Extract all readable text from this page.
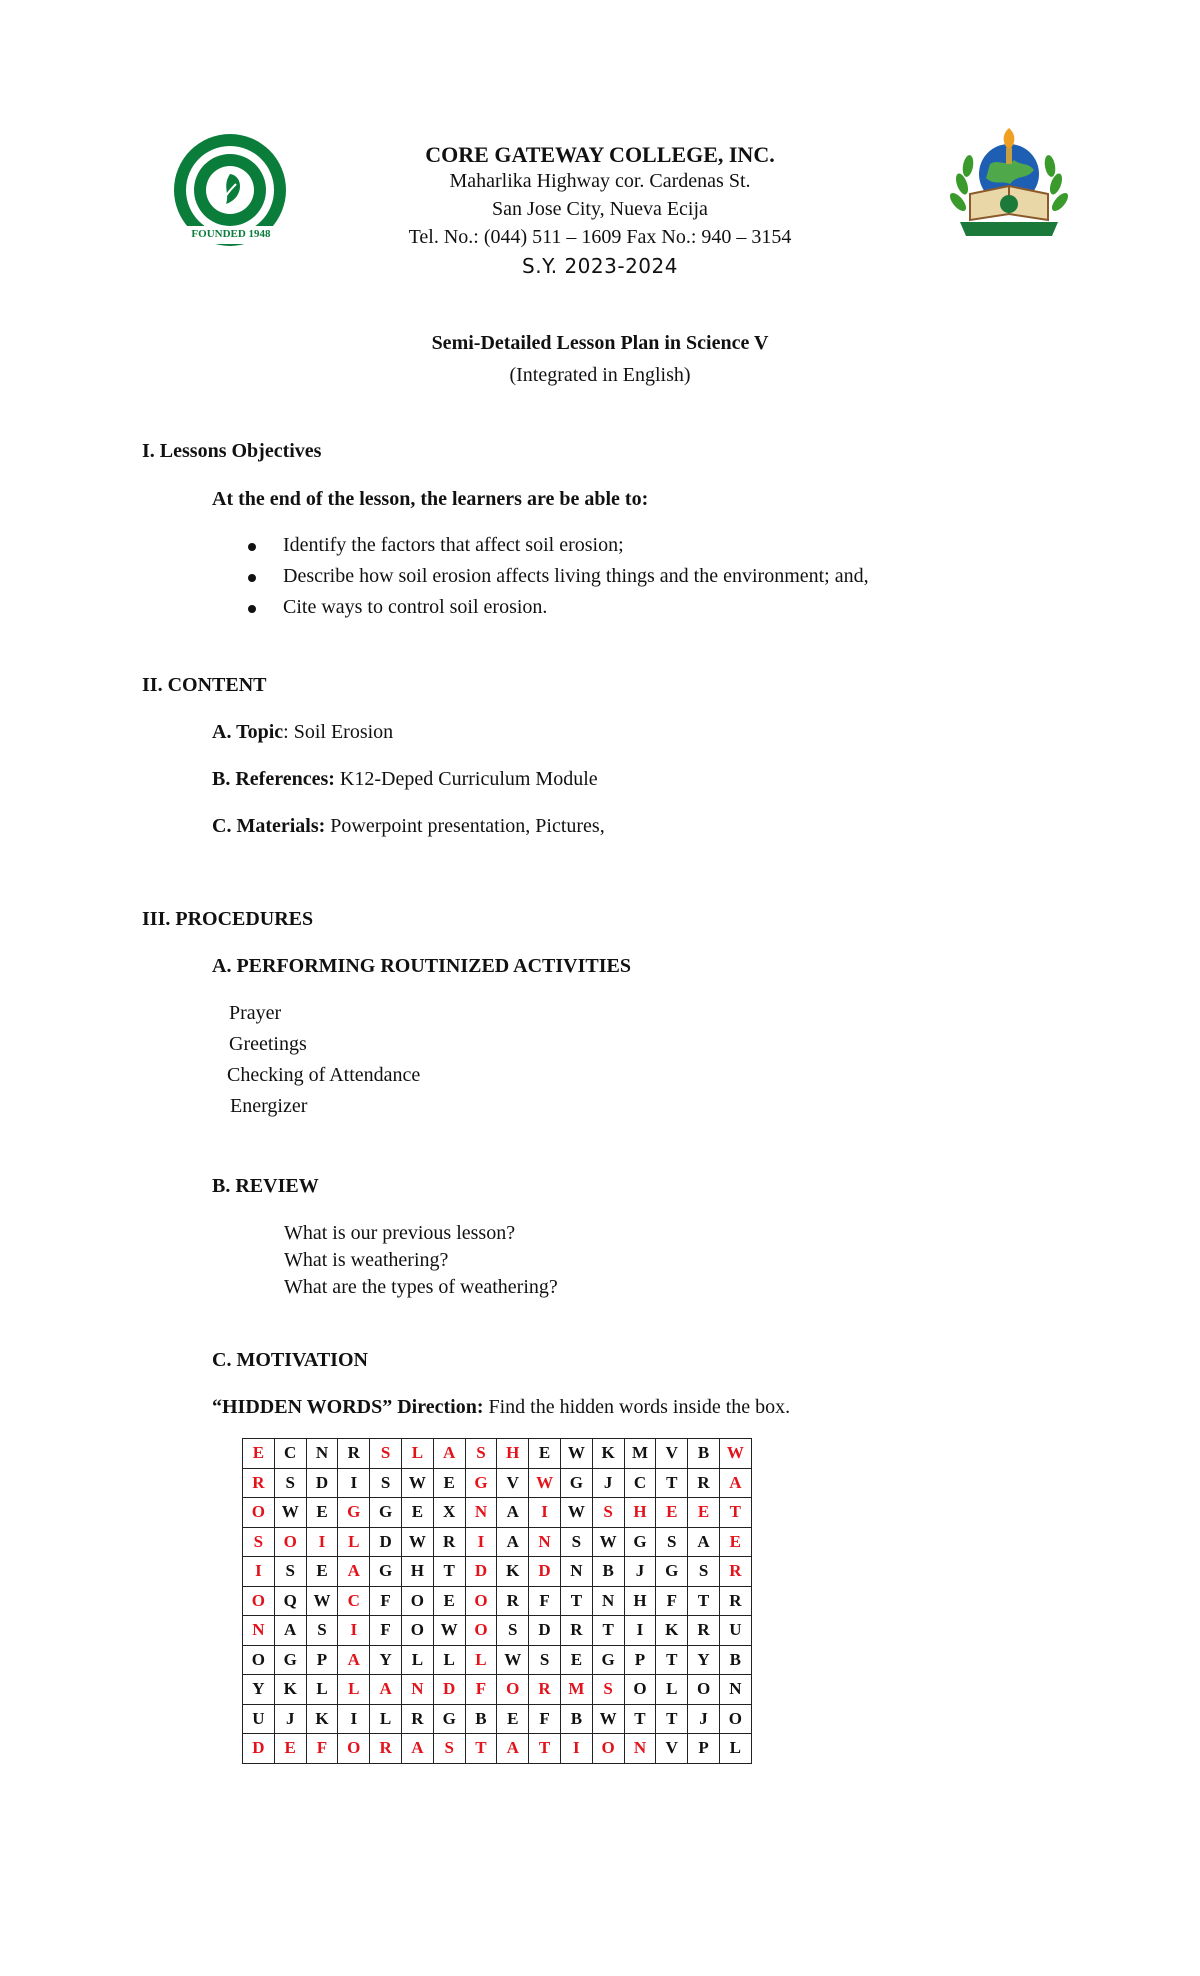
FOUNDED 1948
CORE GATEWAY COLLEGE, INC.
Maharlika Highway cor. Cardenas St.
San Jose City, Nueva Ecija
Tel. No.: (044) 511 – 1609 Fax No.: 940 – 3154
S.Y. 2023-2024
Semi-Detailed Lesson Plan in Science V
(Integrated in English)
I. Lessons Objectives
At the end of the lesson, the learners are be able to:
Identify the factors that affect soil erosion;
Describe how soil erosion affects living things and the environment; and,
Cite ways to control soil erosion.
II. CONTENT
A. Topic: Soil Erosion
B. References: K12-Deped Curriculum Module
C. Materials: Powerpoint presentation, Pictures,
III. PROCEDURES
A. PERFORMING ROUTINIZED ACTIVITIES
Prayer
Greetings
Checking of Attendance
Energizer
B. REVIEW
What is our previous lesson?
What is weathering?
What are the types of weathering?
C. MOTIVATION
“HIDDEN WORDS” Direction: Find the hidden words inside the box.
E	C	N	R	S	L	A	S	H	E	W	K	M	V	B	W
R	S	D	I	S	W	E	G	V	W	G	J	C	T	R	A
O	W	E	G	G	E	X	N	A	I	W	S	H	E	E	T
S	O	I	L	D	W	R	I	A	N	S	W	G	S	A	E
I	S	E	A	G	H	T	D	K	D	N	B	J	G	S	R
O	Q	W	C	F	O	E	O	R	F	T	N	H	F	T	R
N	A	S	I	F	O	W	O	S	D	R	T	I	K	R	U
O	G	P	A	Y	L	L	L	W	S	E	G	P	T	Y	B
Y	K	L	L	A	N	D	F	O	R	M	S	O	L	O	N
U	J	K	I	L	R	G	B	E	F	B	W	T	T	J	O
D	E	F	O	R	A	S	T	A	T	I	O	N	V	P	L
